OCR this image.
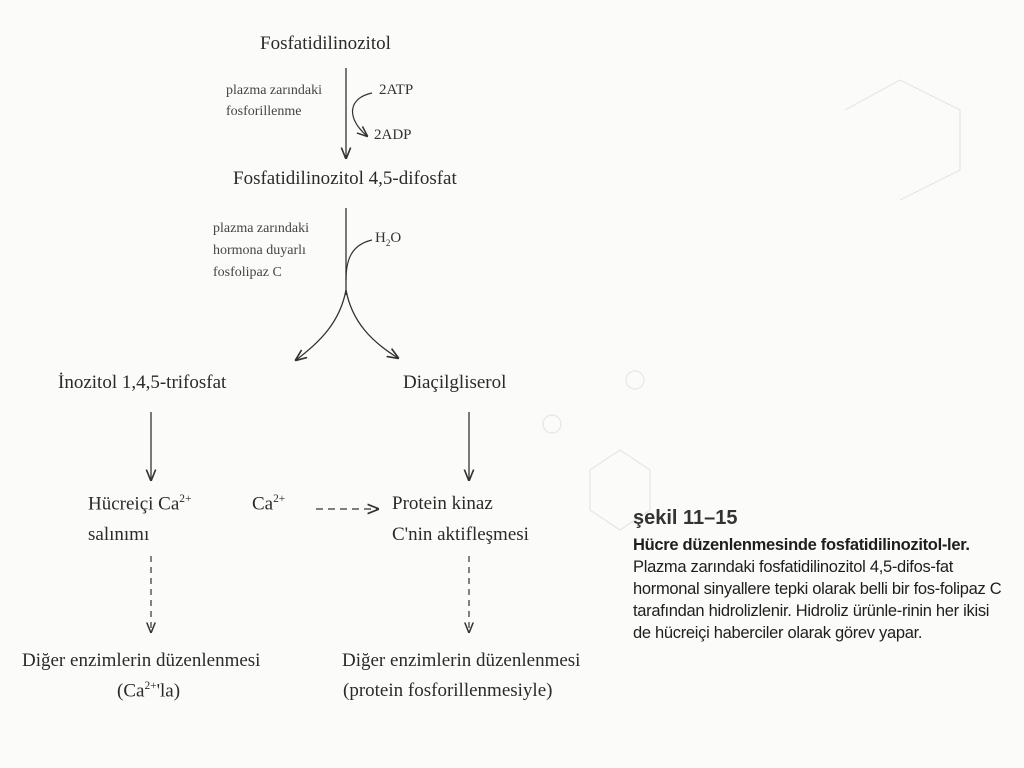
Fosfatidilinozitol
Fosfatidilinozitol 4,5-difosfat
İnozitol 1,4,5-trifosfat	Diaçilgliserol
Hücreiçi $Ca^{2+}$
salınımı
$Ca^{2+}$	Protein kinaz
C'nin aktifleşmesi
Diğer enzimlerin düzenlenmesi
$(Ca^{2+}'la)$
Diğer enzimlerin düzenlenmesi
(protein fosforillenmesiyle)
plazma zarındaki
fosforillenme
2ATP
2ADP
plazma zarındaki
hormona duyarlı
fosfolipaz C
$H_2O$
şekil 11–15
Hücre düzenlenmesinde fosfatidilinozitol-ler. Plazma zarındaki fosfatidilinozitol 4,5-difos-fat hormonal sinyallere tepki olarak belli bir fos-folipaz C tarafından hidrolizlenir. Hidroliz ürünle-rinin her ikisi de hücreiçi haberciler olarak görev yapar.
